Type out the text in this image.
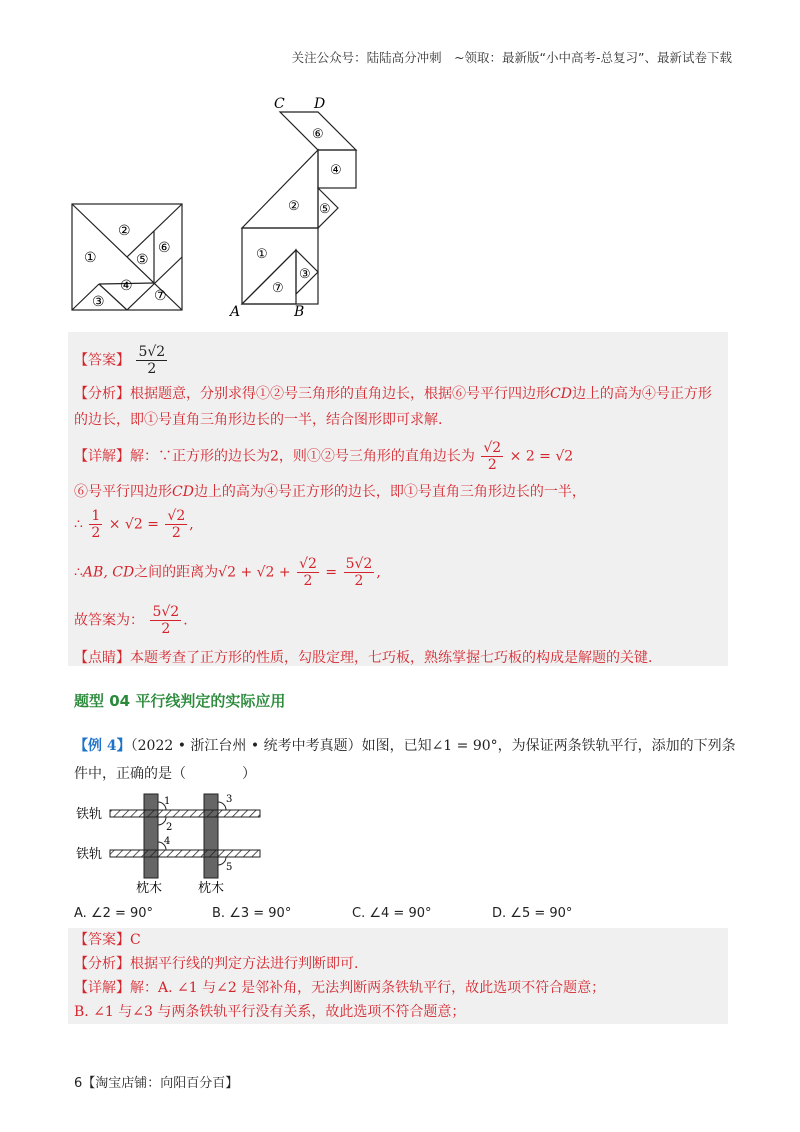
关注公众号：陆陆高分冲刺　~领取：最新版“小中高考-总复习”、最新试卷下载
①
②
③
④
⑤
⑥
⑦
C D
A	B
⑥
④
② ⑤
①
⑦
③
【答案】 $\frac{5√2}{2}$
【分析】根据题意，分别求得①②号三角形的直角边长，根据⑥号平行四边形CD边上的高为④号正方形
的边长，即①号直角三角形边长的一半，结合图形即可求解.
【详解】解：∵正方形的边长为2，则①②号三角形的直角边长为 $\frac{√2}{2} \times 2 = √2$
⑥号平行四边形CD边上的高为④号正方形的边长，即①号直角三角形边长的一半，
∴ $\frac{1}{2} \times √2 = \frac{√2}{2}$ ,
∴AB, CD之间的距离为$√2 + √2 + \frac{√2}{2} = \frac{5√2}{2}$ ,
故答案为： $\frac{5√2}{2}$ .
【点睛】本题考查了正方形的性质，勾股定理，七巧板，熟练掌握七巧板的构成是解题的关键.
题型 04 平行线判定的实际应用
【例 4】（2022 • 浙江台州 • 统考中考真题）如图，已知∠1 = 90°，为保证两条铁轨平行，添加的下列条
件中，正确的是（　　　　）
铁轨
铁轨
枕木	枕木
1
2
3
4
5
A. ∠2 = 90°	B. ∠3 = 90°	C. ∠4 = 90°	D. ∠5 = 90°
【答案】C
【分析】根据平行线的判定方法进行判断即可.
【详解】解：A. ∠1 与∠2 是邻补角，无法判断两条铁轨平行，故此选项不符合题意；
B. ∠1 与∠3 与两条铁轨平行没有关系，故此选项不符合题意；
6【淘宝店铺：向阳百分百】
